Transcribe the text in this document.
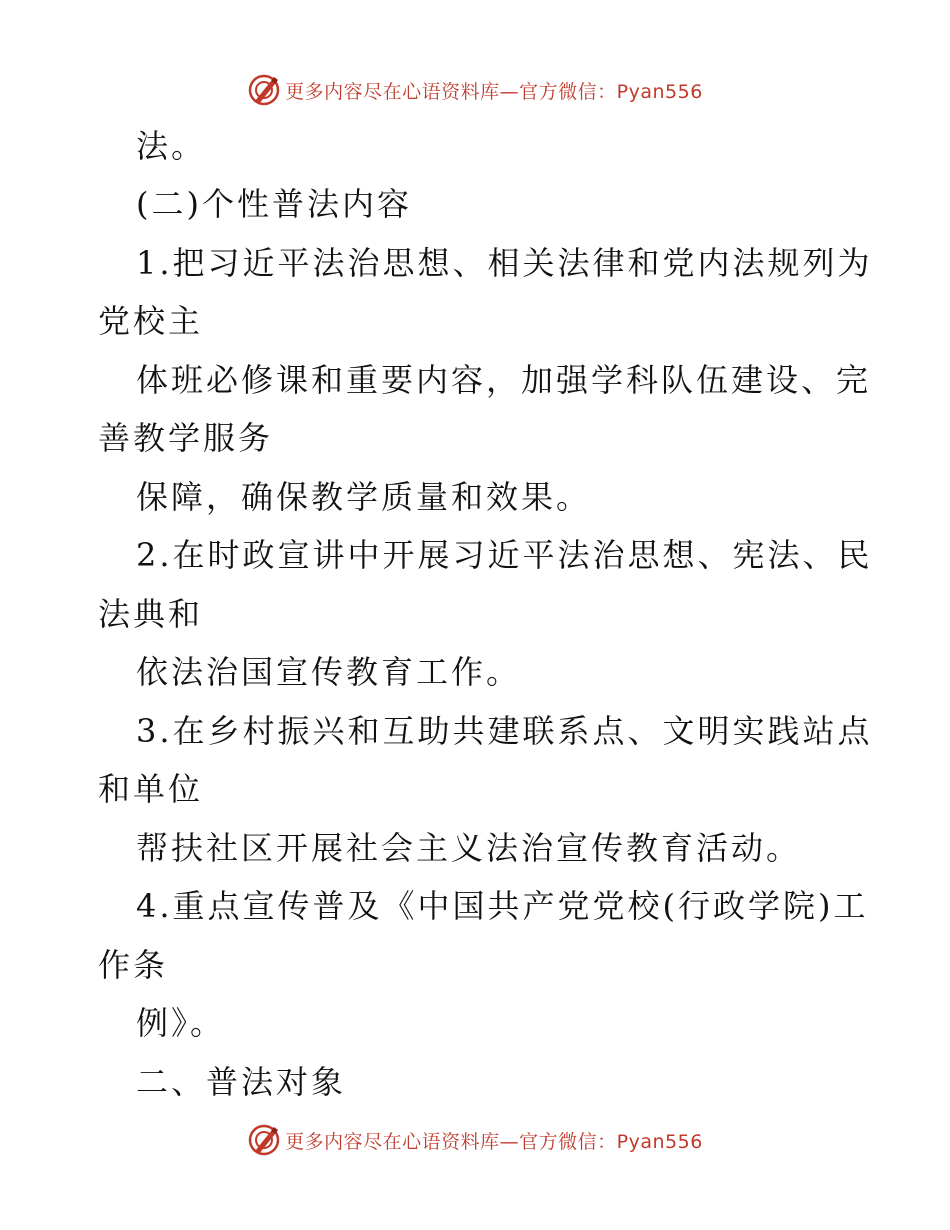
更多内容尽在心语资料库—官方微信：Pyan556
法。
(二)个性普法内容
1.把习近平法治思想、相关法律和党内法规列为
党校主
体班必修课和重要内容，加强学科队伍建设、完
善教学服务
保障，确保教学质量和效果。
2.在时政宣讲中开展习近平法治思想、宪法、民
法典和
依法治国宣传教育工作。
3.在乡村振兴和互助共建联系点、文明实践站点
和单位
帮扶社区开展社会主义法治宣传教育活动。
4.重点宣传普及《中国共产党党校(行政学院)工
作条
例》。
二、普法对象
更多内容尽在心语资料库—官方微信：Pyan556
